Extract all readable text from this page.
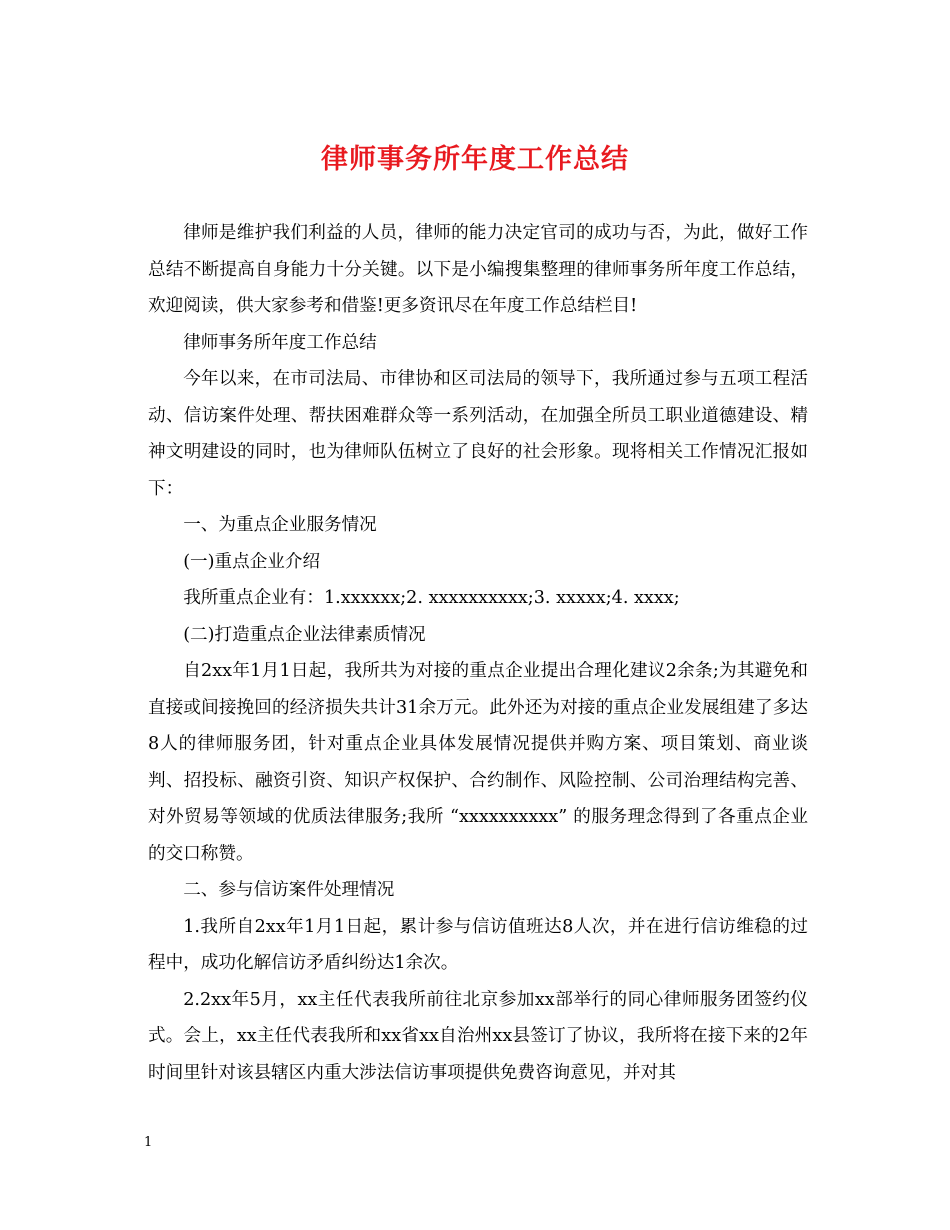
律师事务所年度工作总结

律师是维护我们利益的人员，律师的能力决定官司的成功与否，为此，做好工作总结不断提高自身能力十分关键。以下是小编搜集整理的律师事务所年度工作总结，欢迎阅读，供大家参考和借鉴!更多资讯尽在年度工作总结栏目!

律师事务所年度工作总结

今年以来，在市司法局、市律协和区司法局的领导下，我所通过参与五项工程活动、信访案件处理、帮扶困难群众等一系列活动，在加强全所员工职业道德建设、精神文明建设的同时，也为律师队伍树立了良好的社会形象。现将相关工作情况汇报如下：

一、为重点企业服务情况

(一)重点企业介绍

我所重点企业有：1.xxxxxx;2. xxxxxxxxxx;3. xxxxx;4. xxxx;

(二)打造重点企业法律素质情况

自2xx年1月1日起，我所共为对接的重点企业提出合理化建议2余条;为其避免和直接或间接挽回的经济损失共计31余万元。此外还为对接的重点企业发展组建了多达8人的律师服务团，针对重点企业具体发展情况提供并购方案、项目策划、商业谈判、招投标、融资引资、知识产权保护、合约制作、风险控制、公司治理结构完善、对外贸易等领域的优质法律服务;我所 “xxxxxxxxxx” 的服务理念得到了各重点企业的交口称赞。

二、参与信访案件处理情况

1.我所自2xx年1月1日起，累计参与信访值班达8人次，并在进行信访维稳的过程中，成功化解信访矛盾纠纷达1余次。

2.2xx年5月，xx主任代表我所前往北京参加xx部举行的同心律师服务团签约仪式。会上，xx主任代表我所和xx省xx自治州xx县签订了协议，我所将在接下来的2年时间里针对该县辖区内重大涉法信访事项提供免费咨询意见，并对其

1
